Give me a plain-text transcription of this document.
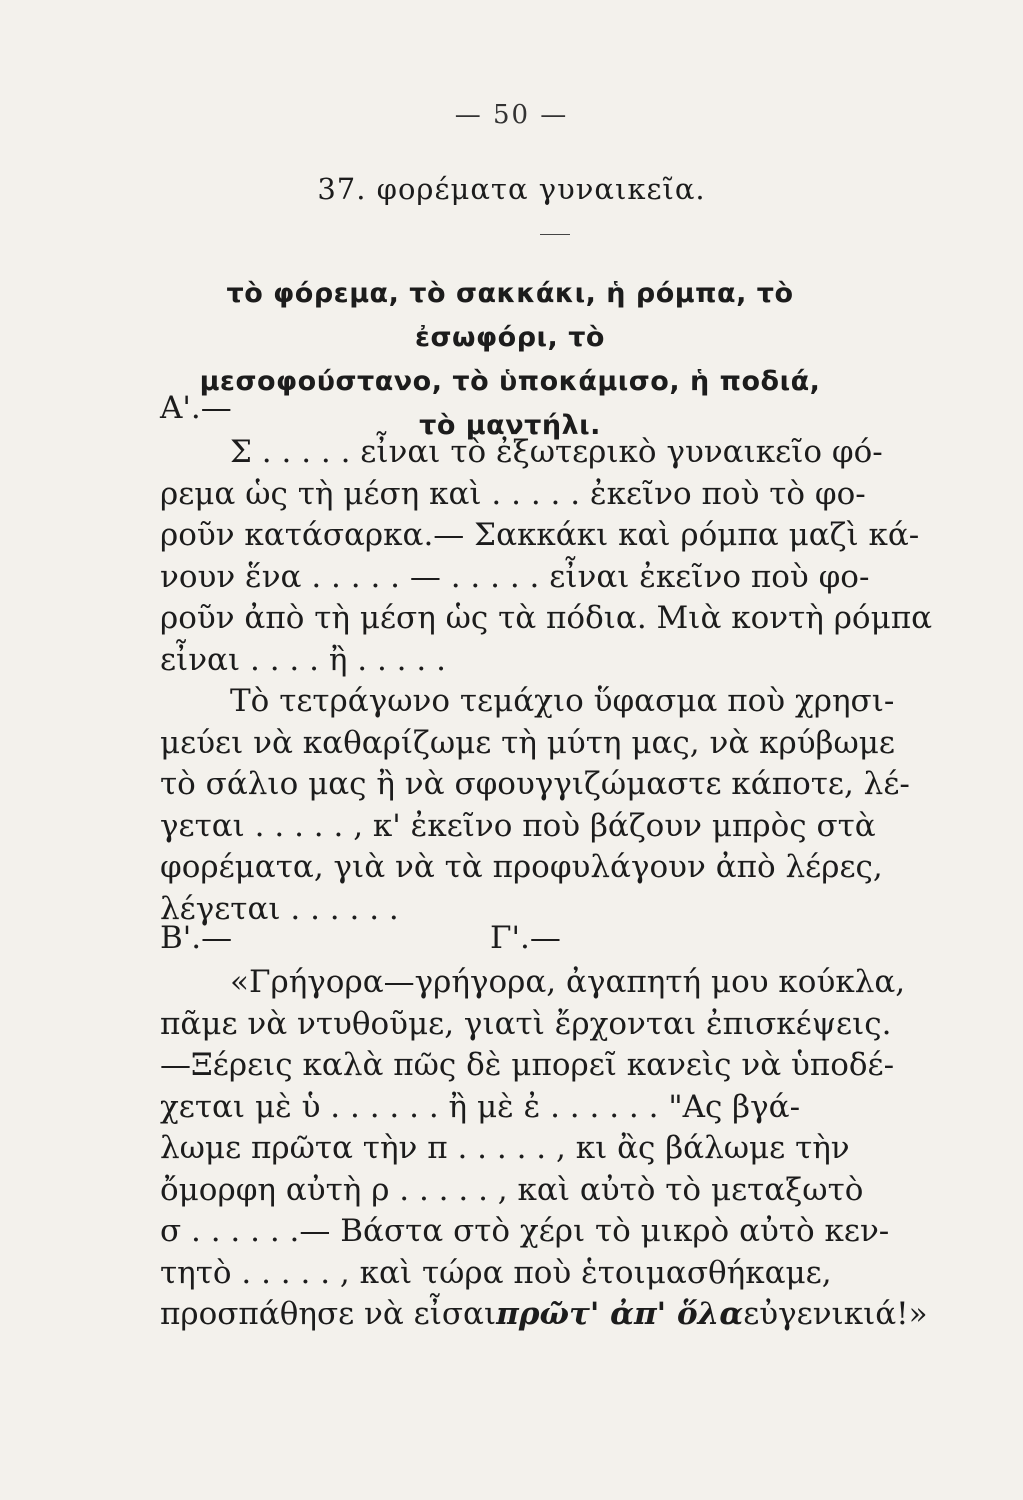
— 50 —
37. φορέματα γυναικεῖα.
τὸ φόρεμα, τὸ σακκάκι, ἡ ρόμπα, τὸ ἐσωφόρι, τὸ
μεσοφούστανο, τὸ ὑποκάμισο, ἡ ποδιά,
τὸ μαντήλι.
Α'.—
Σ . . . . . εἶναι τὸ ἐξωτερικὸ γυναικεῖο φό-
ρεμα ὡς τὴ μέση καὶ . . . . . ἐκεῖνο ποὺ τὸ φο-
ροῦν κατάσαρκα.— Σακκάκι καὶ ρόμπα μαζὶ κά-
νουν ἕνα . . . . . — . . . . . εἶναι ἐκεῖνο ποὺ φο-
ροῦν ἀπὸ τὴ μέση ὡς τὰ πόδια. Μιὰ κοντὴ ρόμπα
εἶναι . . . . ἢ . . . . .
Τὸ τετράγωνο τεμάχιο ὕφασμα ποὺ χρησι-
μεύει νὰ καθαρίζωμε τὴ μύτη μας, νὰ κρύβωμε
τὸ σάλιο μας ἢ νὰ σφουγγιζώμαστε κάποτε, λέ-
γεται . . . . . , κ' ἐκεῖνο ποὺ βάζουν μπρὸς στὰ
φορέματα, γιὰ νὰ τὰ προφυλάγουν ἀπὸ λέρες,
λέγεται . . . . . .
Β'.—	Γ'.—
«Γρήγορα—γρήγορα, ἀγαπητή μου κούκλα,
πᾶμε νὰ ντυθοῦμε, γιατὶ ἔρχονται ἐπισκέψεις.
—Ξέρεις καλὰ πῶς δὲ μπορεῖ κανεὶς νὰ ὑποδέ-
χεται μὲ ὑ . . . . . . ἢ μὲ ἐ . . . . . . "Ας βγά-
λωμε πρῶτα τὴν π . . . . . , κι ἂς βάλωμε τὴν
ὄμορφη αὐτὴ ρ . . . . . , καὶ αὐτὸ τὸ μεταξωτὸ
σ . . . . . .— Βάστα στὸ χέρι τὸ μικρὸ αὐτὸ κεν-
τητὸ . . . . . , καὶ τώρα ποὺ ἑτοιμασθήκαμε,
προσπάθησε νὰ εἶσαι πρῶτ' ἀπ' ὅλα εὐγενικιά!»
